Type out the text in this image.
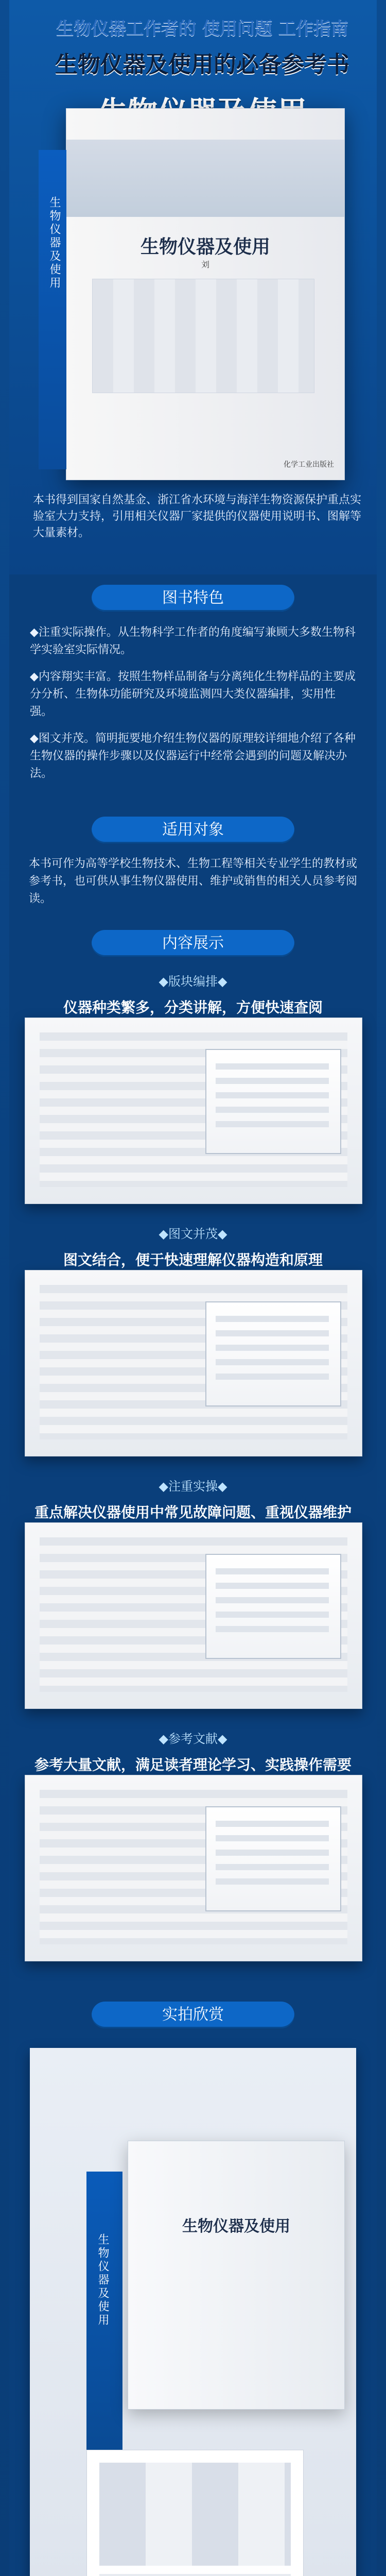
生物仪器工作者的 使用问题 工作指南
生物仪器及使用的必备参考书
生物仪器及使用	生物仪器及使用
刘
化学工业出版社
本书得到国家自然基金、浙江省水环境与海洋生物资源保护重点实验室大力支持，引用相关仪器厂家提供的仪器使用说明书、图解等大量素材。
图书特色

◆注重实际操作。从生物科学工作者的角度编写兼顾大多数生物科学实验室实际情况。

◆内容翔实丰富。按照生物样品制备与分离纯化生物样品的主要成分分析、生物体功能研究及环境监测四大类仪器编排，实用性强。

◆图文并茂。简明扼要地介绍生物仪器的原理较详细地介绍了各种生物仪器的操作步骤以及仪器运行中经常会遇到的问题及解决办法。

适用对象
本书可作为高等学校生物技术、生物工程等相关专业学生的教材或参考书，也可供从事生物仪器使用、维护或销售的相关人员参考阅读。
内容展示
◆版块编排◆
仪器种类繁多，分类讲解，方便快速查阅
◆图文并茂◆
图文结合，便于快速理解仪器构造和原理
◆注重实操◆
重点解决仪器使用中常见故障问题、重视仪器维护
◆参考文献◆
参考大量文献，满足读者理论学习、实践操作需要
实拍欣赏
生物仪器及使用
生物仪器及使用
